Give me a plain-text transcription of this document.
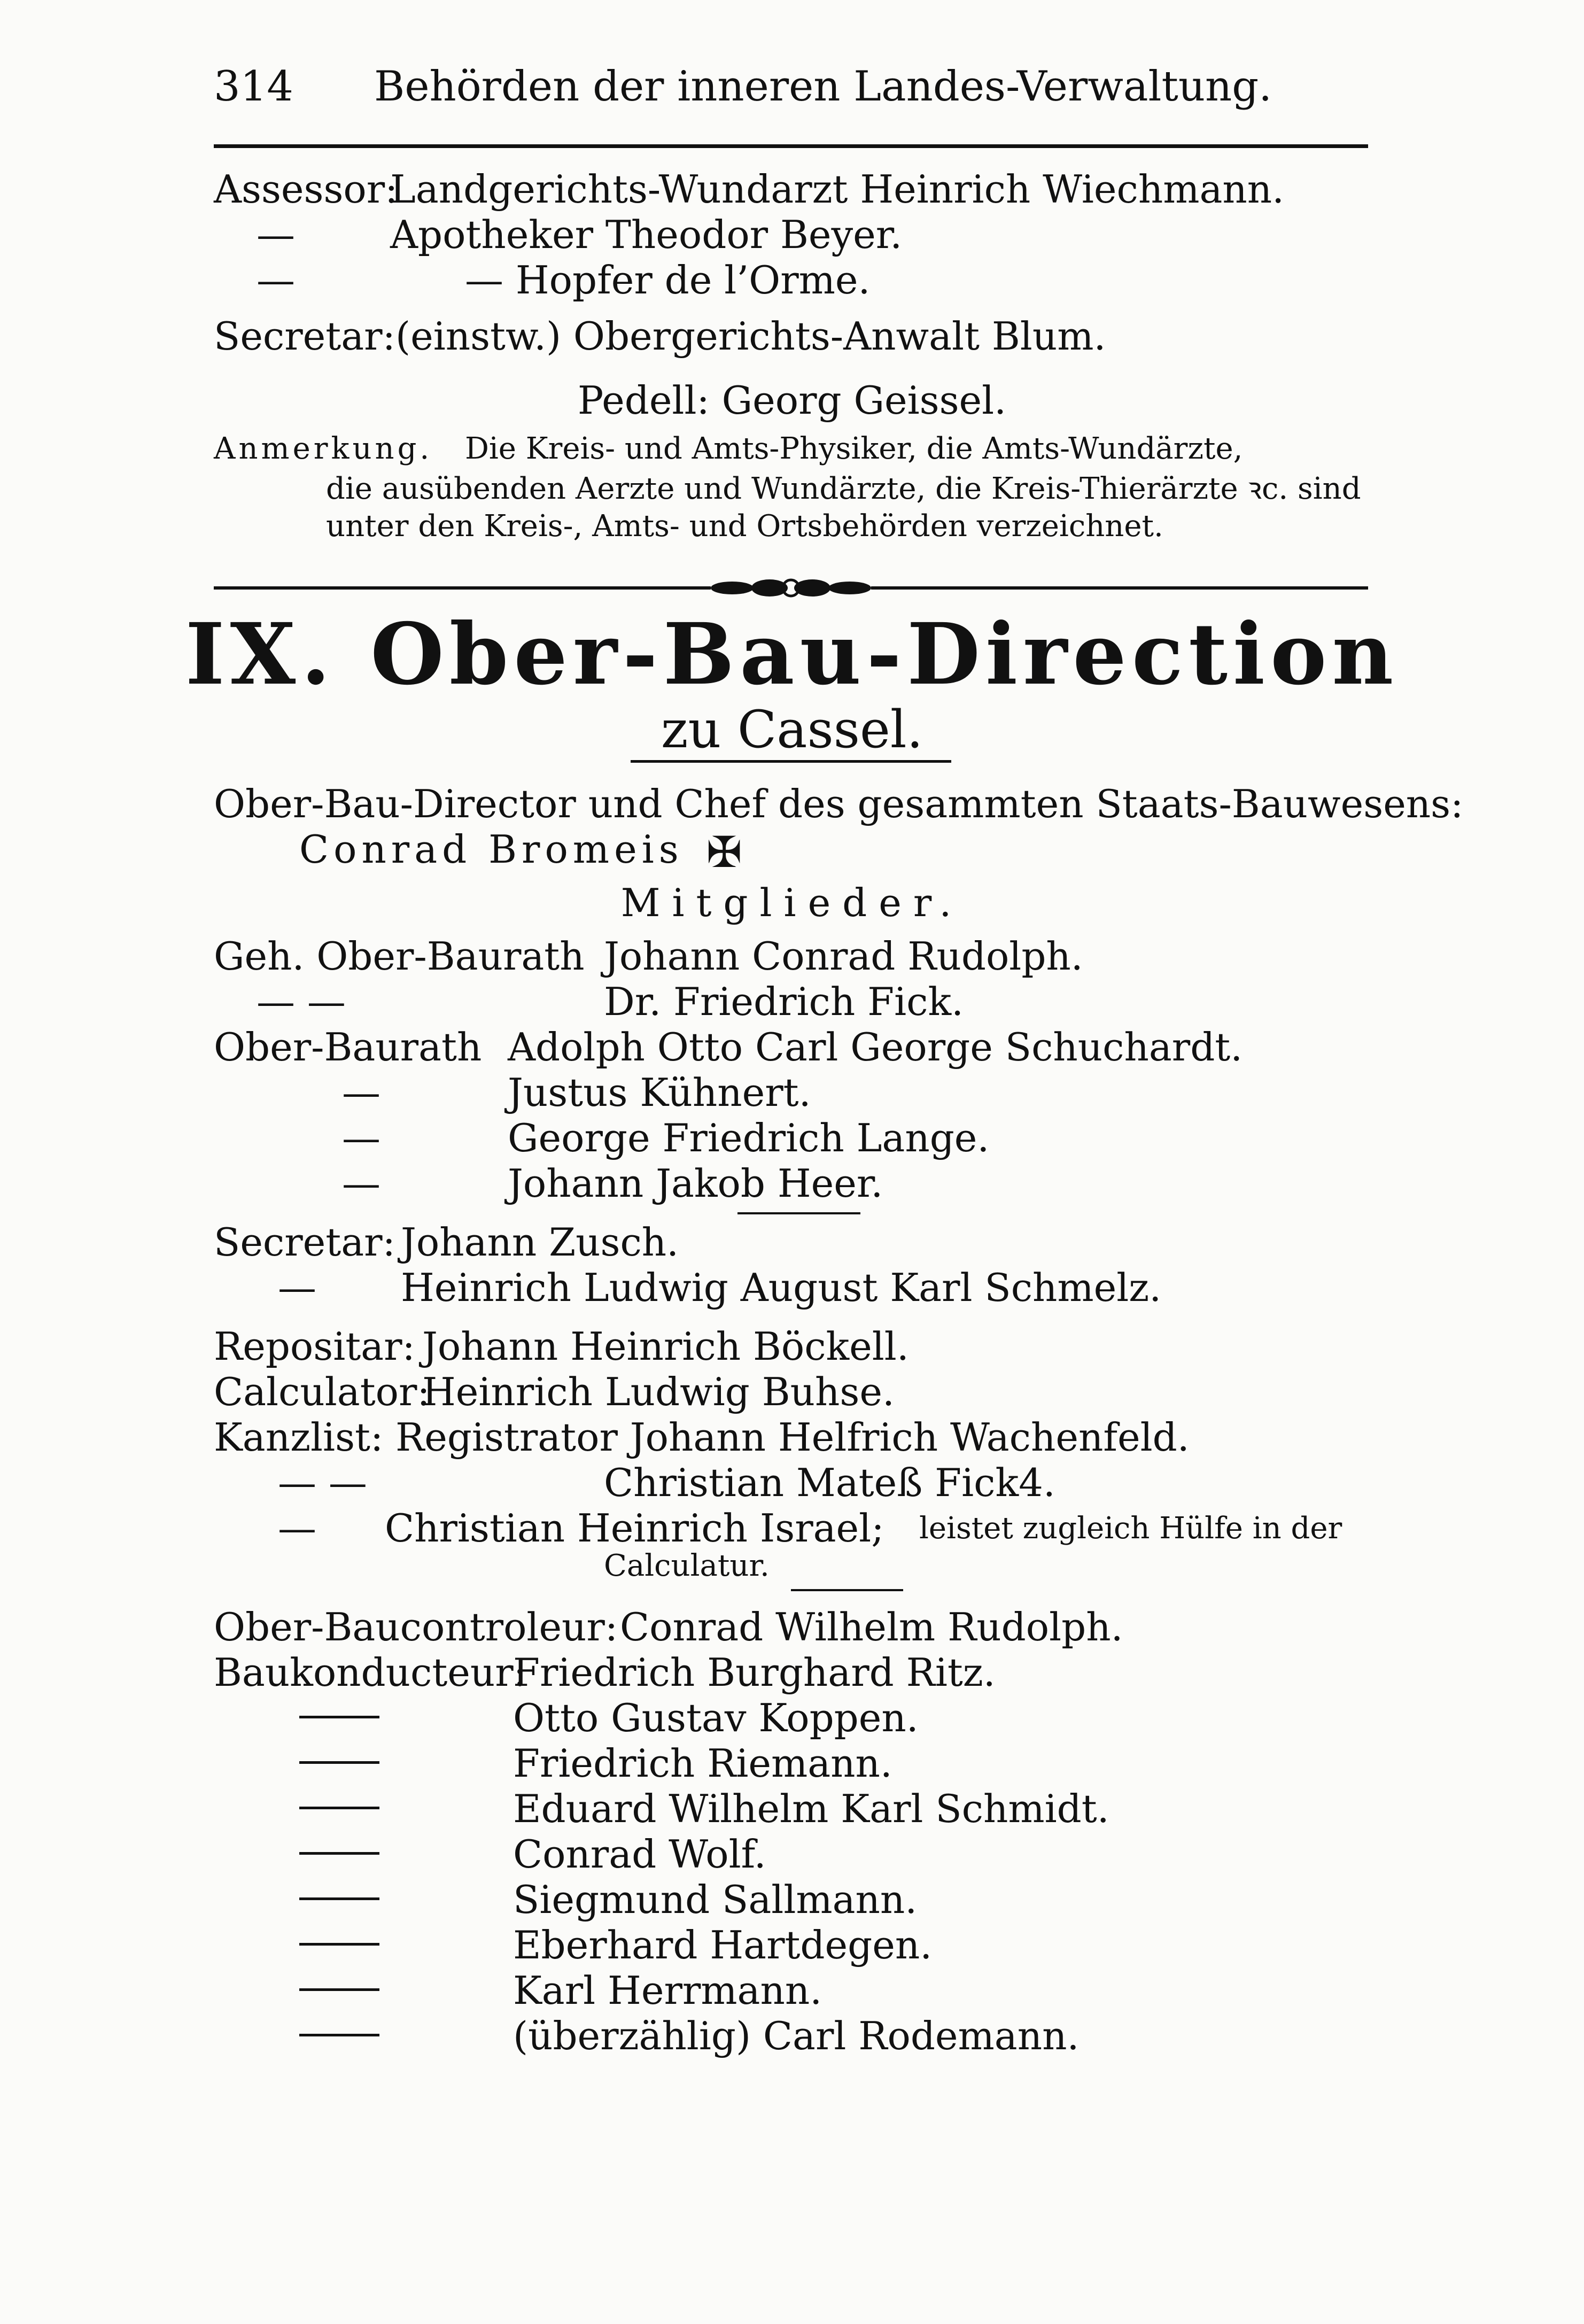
314 Behörden der inneren Landes-Verwaltung.
Assessor:
Landgerichts-Wundarzt Heinrich Wiechmann.
— Apotheker Theodor Beyer.
—	— Hopfer de l’Orme.
Secretar: (einstw.) Obergerichts-Anwalt Blum.
Pedell: Georg Geissel.
Anmerkung. Die Kreis- und Amts-Physiker, die Amts-Wundärzte,
die ausübenden Aerzte und Wundärzte, die Kreis-Thierärzte ꝛc. sind
unter den Kreis-, Amts- und Ortsbehörden verzeichnet.
IX. Ober-Bau-Direction
zu Cassel.
Ober-Bau-Director und Chef des gesammten Staats-Bauwesens:
Conrad Bromeis ✠
Mitglieder.
Geh. Ober-Baurath Johann Conrad Rudolph.
— —	Dr. Friedrich Fick.
Ober-Baurath Adolph Otto Carl George Schuchardt.
—	Justus Kühnert.
—	George Friedrich Lange.
—	Johann Jakob Heer.
Secretar: Johann Zusch.
— Heinrich Ludwig August Karl Schmelz.
Repositar: Johann Heinrich Böckell.
Calculator:
Heinrich Ludwig Buhse.
Kanzlist: Registrator Johann Helfrich Wachenfeld.
— —	Christian Mateß Fick4.
— Christian Heinrich Israel; leistet zugleich Hülfe in der
Calculatur.
Ober-Baucontroleur: Conrad Wilhelm Rudolph.
Baukonducteur:
Friedrich Burghard Ritz.
Otto Gustav Koppen.
Friedrich Riemann.
Eduard Wilhelm Karl Schmidt.
Conrad Wolf.
Siegmund Sallmann.
Eberhard Hartdegen.
Karl Herrmann.
(überzählig) Carl Rodemann.
